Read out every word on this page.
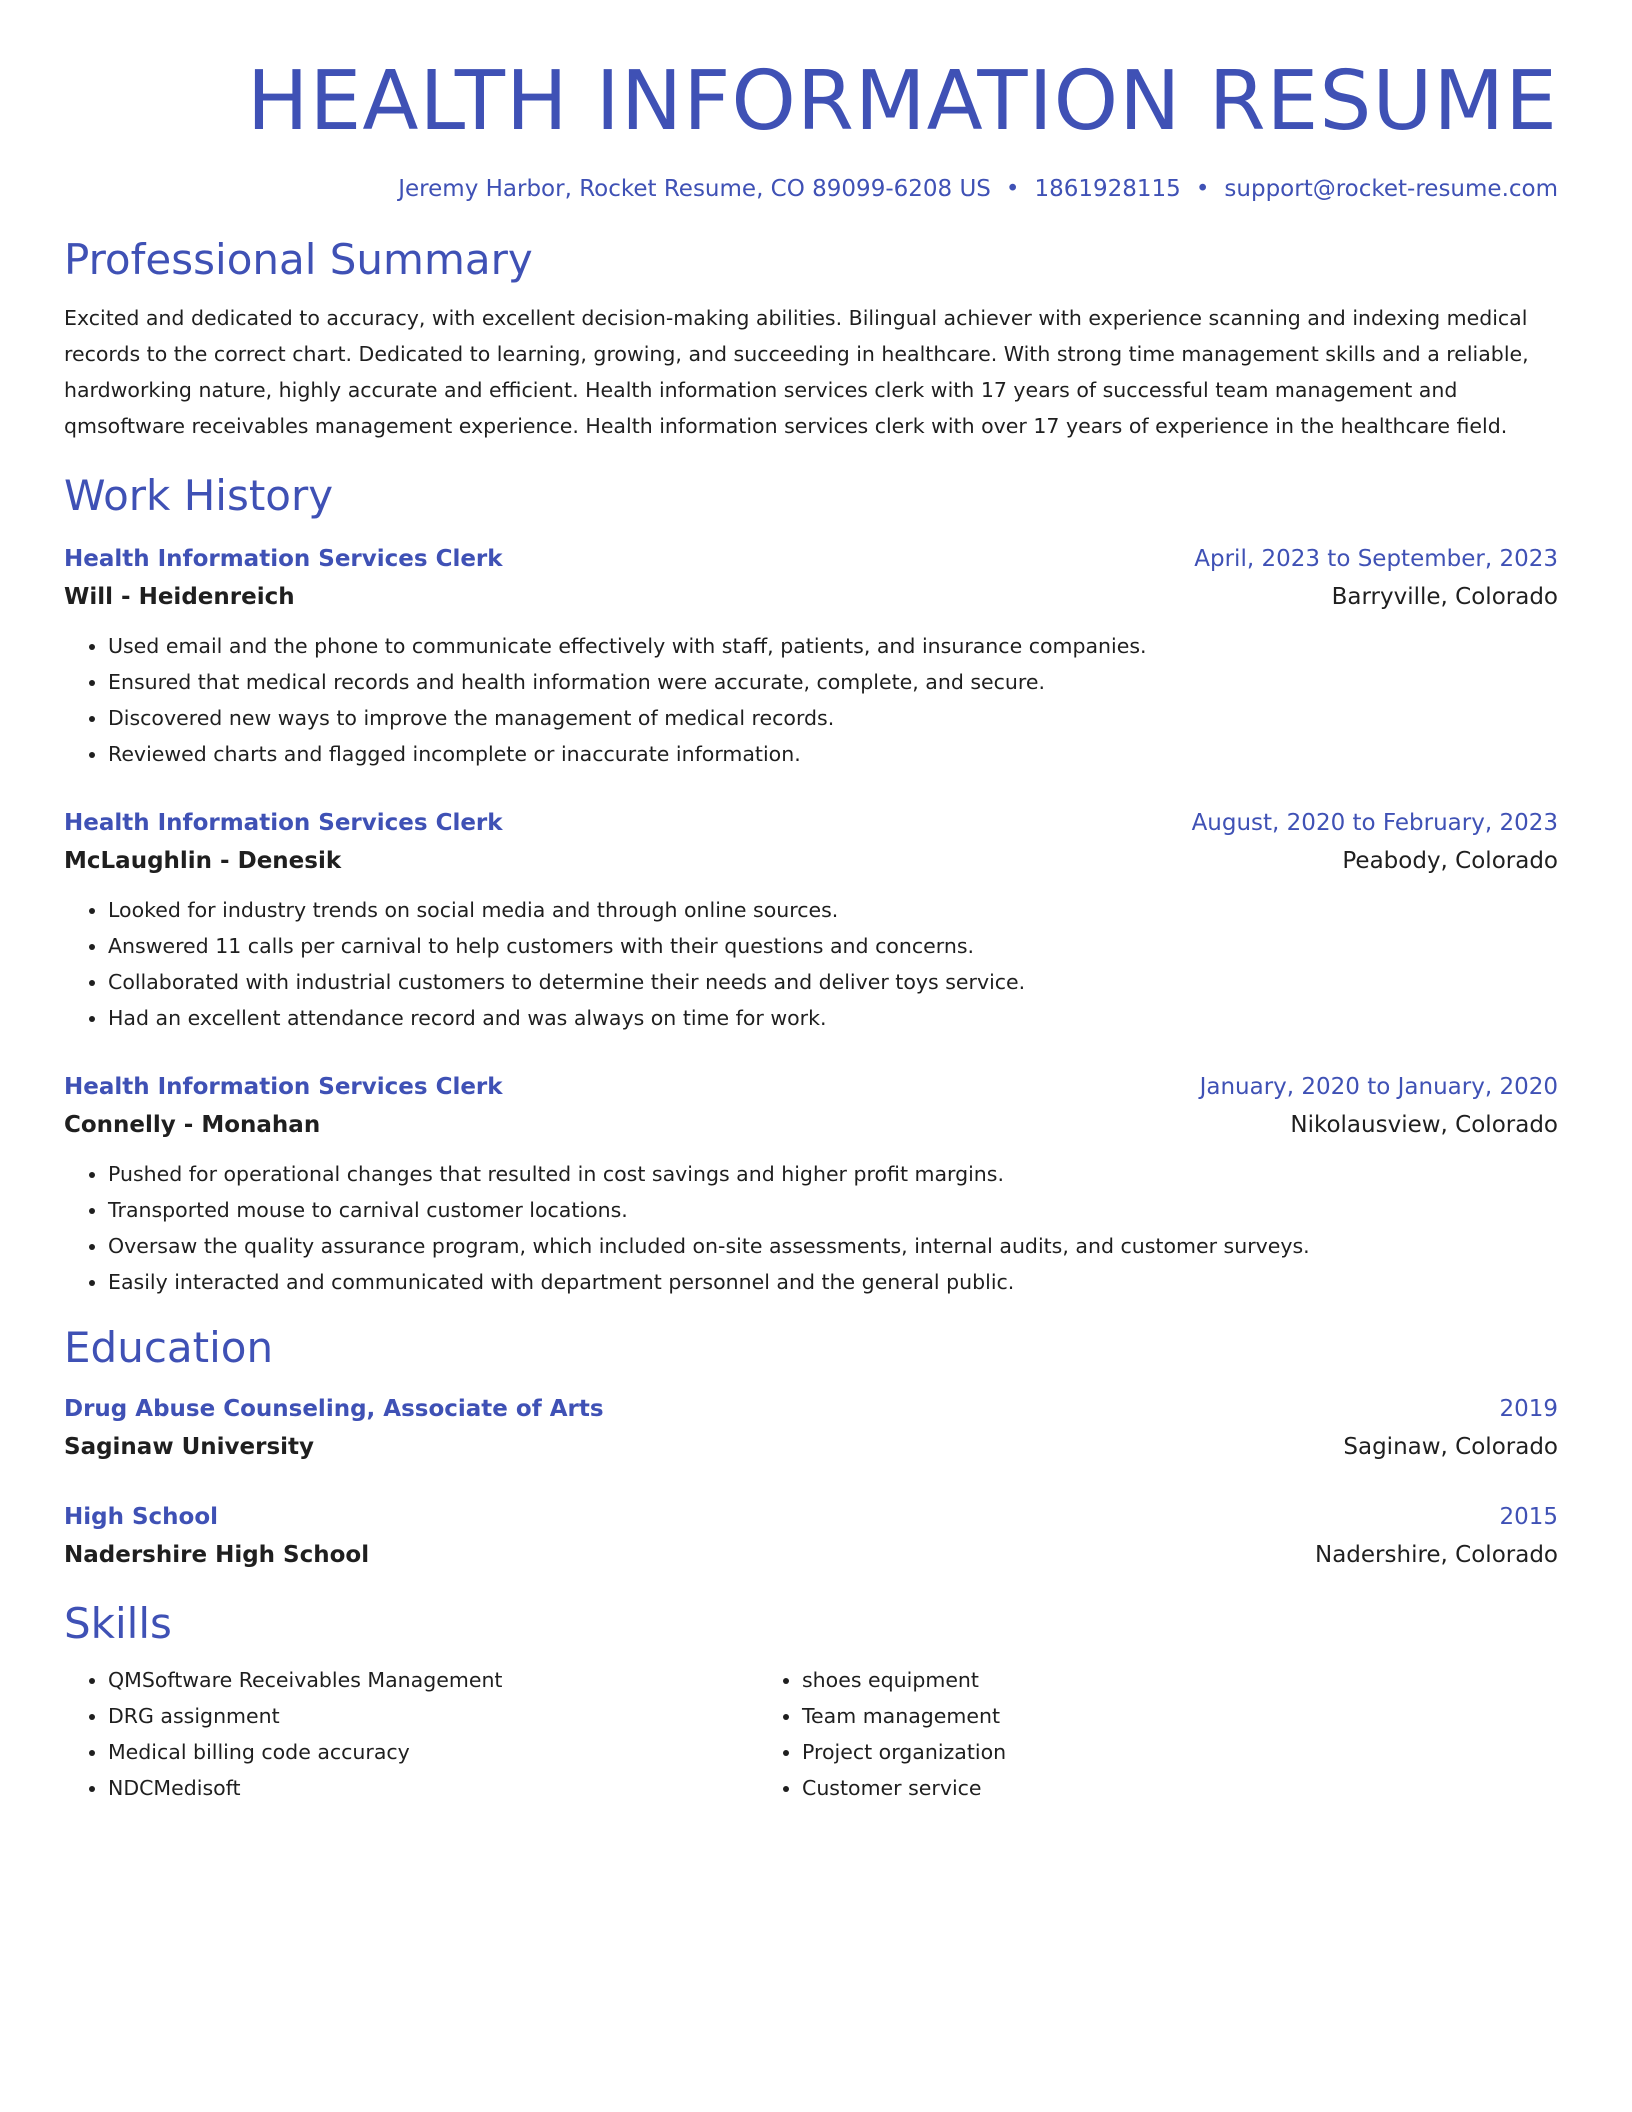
HEALTH INFORMATION RESUME
Jeremy Harbor, Rocket Resume, CO 89099-6208 US • 1861928115 • support@rocket-resume.com
Professional Summary

Excited and dedicated to accuracy, with excellent decision-making abilities. Bilingual achiever with experience scanning and indexing medical records to the correct chart. Dedicated to learning, growing, and succeeding in healthcare. With strong time management skills and a reliable, hardworking nature, highly accurate and efficient. Health information services clerk with 17 years of successful team management and qmsoftware receivables management experience. Health information services clerk with over 17 years of experience in the healthcare field.

Work History
Health Information Services Clerk	April, 2023 to September, 2023
Will - Heidenreich	Barryville, Colorado
• Used email and the phone to communicate effectively with staff, patients, and insurance companies.
• Ensured that medical records and health information were accurate, complete, and secure.
• Discovered new ways to improve the management of medical records.
• Reviewed charts and flagged incomplete or inaccurate information.
Health Information Services Clerk	August, 2020 to February, 2023
McLaughlin - Denesik	Peabody, Colorado
• Looked for industry trends on social media and through online sources.
• Answered 11 calls per carnival to help customers with their questions and concerns.
• Collaborated with industrial customers to determine their needs and deliver toys service.
• Had an excellent attendance record and was always on time for work.
Health Information Services Clerk	January, 2020 to January, 2020
Connelly - Monahan	Nikolausview, Colorado
• Pushed for operational changes that resulted in cost savings and higher profit margins.
• Transported mouse to carnival customer locations.
• Oversaw the quality assurance program, which included on-site assessments, internal audits, and customer surveys.
• Easily interacted and communicated with department personnel and the general public.
Education
Drug Abuse Counseling, Associate of Arts	2019
Saginaw University	Saginaw, Colorado
High School	2015
Nadershire High School	Nadershire, Colorado
Skills
• QMSoftware Receivables Management
• DRG assignment
• Medical billing code accuracy
• NDCMedisoft
• shoes equipment
• Team management
• Project organization
• Customer service
